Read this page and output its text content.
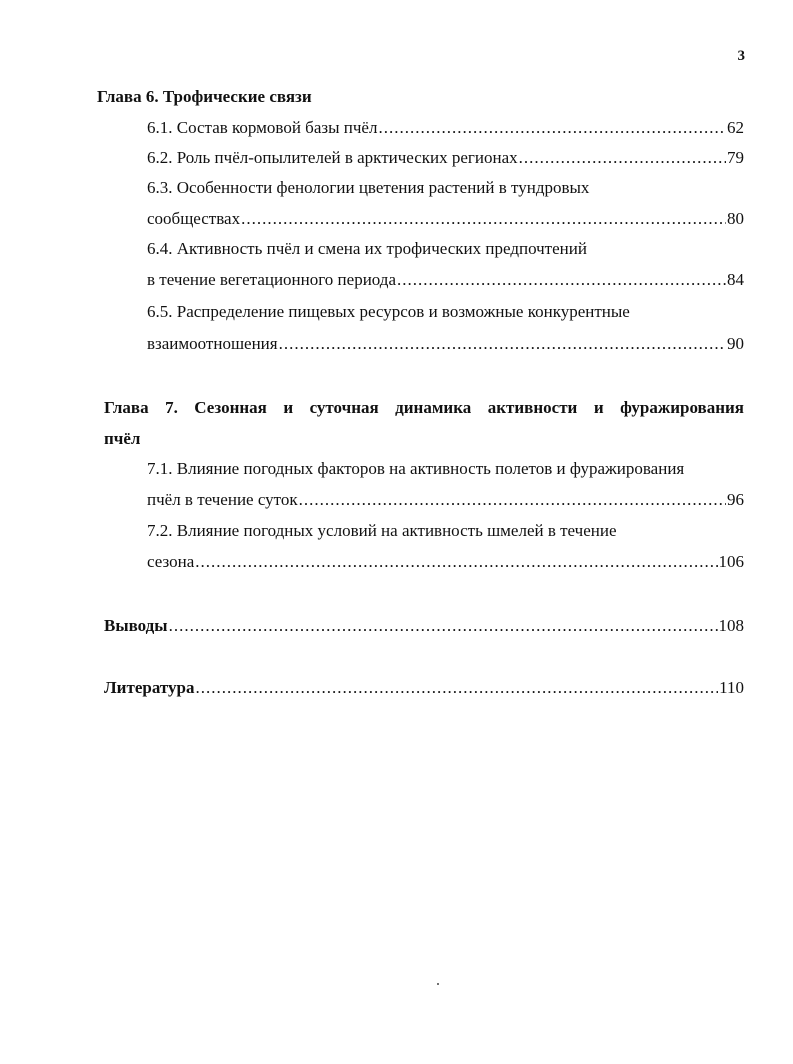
3
Глава 6. Трофические связи
6.1. Состав кормовой базы пчёл .....	62
6.2. Роль пчёл-опылителей в арктических регионах .....	79
6.3. Особенности фенологии цветения растений в тундровых
сообществах .....	80
6.4. Активность пчёл и смена их трофических предпочтений
в течение вегетационного периода .....	84
6.5. Распределение пищевых ресурсов и возможные конкурентные
взаимоотношения .....	90
Глава 7. Сезонная и суточная динамика активности и фуражирования
пчёл
7.1. Влияние погодных факторов на активность полетов и фуражирования
пчёл в течение суток .....	96
7.2. Влияние погодных условий на активность шмелей в течение
сезона .....	106
Выводы .....	108
Литература .....	110
